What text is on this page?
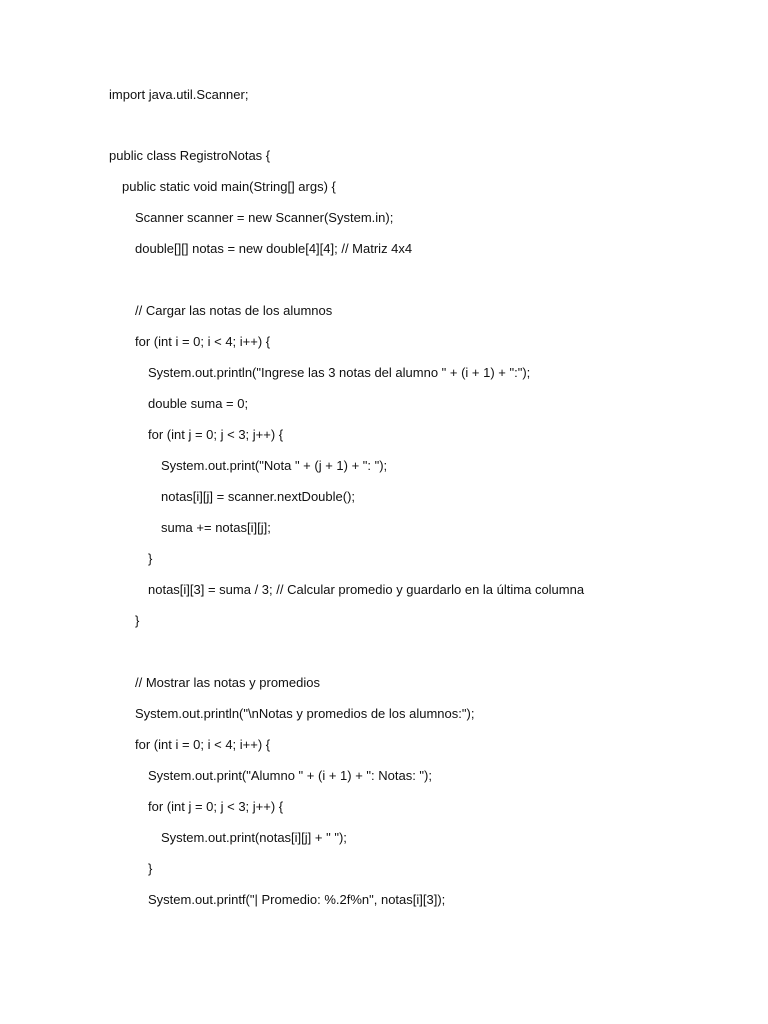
import java.util.Scanner;
public class RegistroNotas {
public static void main(String[] args) {
Scanner scanner = new Scanner(System.in);
double[][] notas = new double[4][4]; // Matriz 4x4
// Cargar las notas de los alumnos
for (int i = 0; i < 4; i++) {
System.out.println("Ingrese las 3 notas del alumno " + (i + 1) + ":");
double suma = 0;
for (int j = 0; j < 3; j++) {
System.out.print("Nota " + (j + 1) + ": ");
notas[i][j] = scanner.nextDouble();
suma += notas[i][j];
}
notas[i][3] = suma / 3; // Calcular promedio y guardarlo en la última columna
}
// Mostrar las notas y promedios
System.out.println("\nNotas y promedios de los alumnos:");
for (int i = 0; i < 4; i++) {
System.out.print("Alumno " + (i + 1) + ": Notas: ");
for (int j = 0; j < 3; j++) {
System.out.print(notas[i][j] + " ");
}
System.out.printf("| Promedio: %.2f%n", notas[i][3]);
